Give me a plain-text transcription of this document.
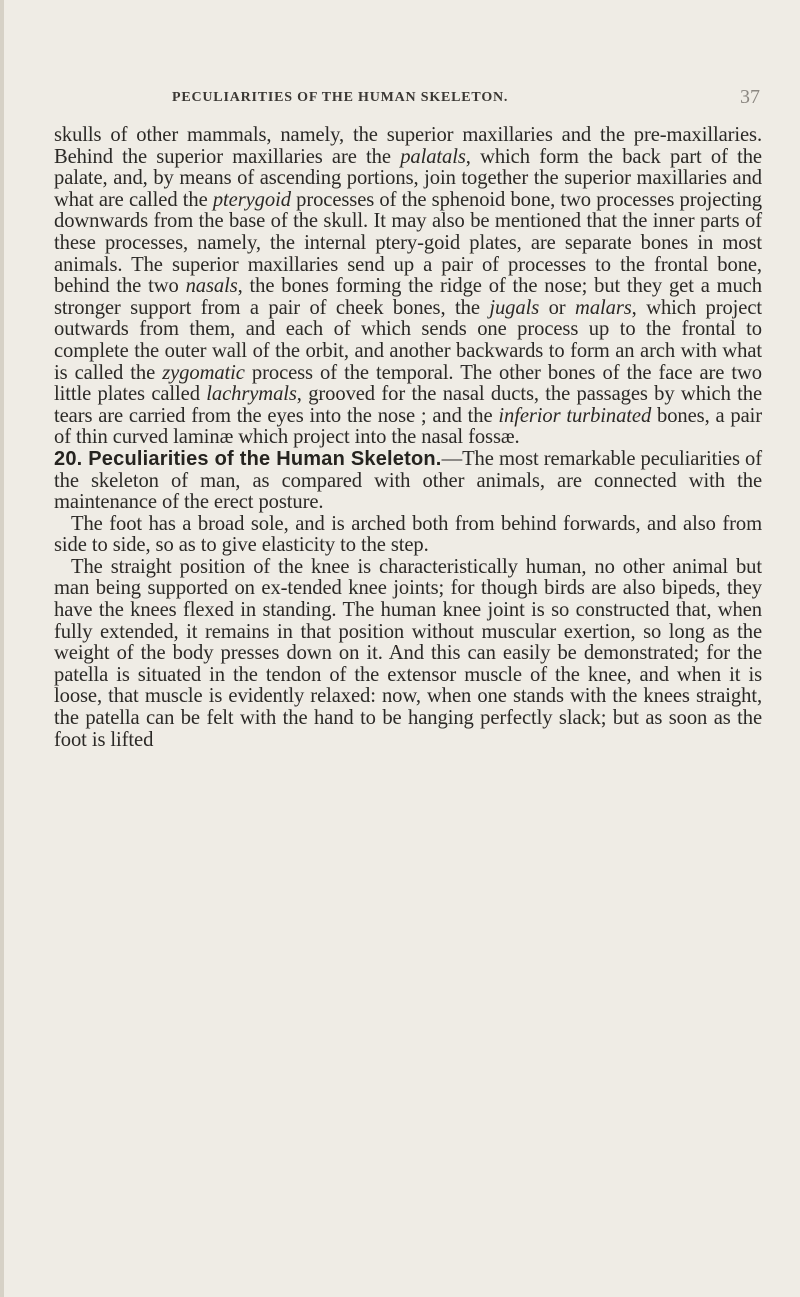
PECULIARITIES OF THE HUMAN SKELETON.	37

skulls of other mammals, namely, the superior maxillaries and the pre-maxillaries. Behind the superior maxillaries are the palatals, which form the back part of the palate, and, by means of ascending portions, join together the superior maxillaries and what are called the pterygoid processes of the sphenoid bone, two processes projecting downwards from the base of the skull. It may also be mentioned that the inner parts of these processes, namely, the internal ptery-goid plates, are separate bones in most animals. The superior maxillaries send up a pair of processes to the frontal bone, behind the two nasals, the bones forming the ridge of the nose; but they get a much stronger support from a pair of cheek bones, the jugals or malars, which project outwards from them, and each of which sends one process up to the frontal to complete the outer wall of the orbit, and another backwards to form an arch with what is called the zygomatic process of the temporal. The other bones of the face are two little plates called lachrymals, grooved for the nasal ducts, the passages by which the tears are carried from the eyes into the nose ; and the inferior turbinated bones, a pair of thin curved laminæ which project into the nasal fossæ.

20. Peculiarities of the Human Skeleton.—The most remarkable peculiarities of the skeleton of man, as compared with other animals, are connected with the maintenance of the erect posture.

The foot has a broad sole, and is arched both from behind forwards, and also from side to side, so as to give elasticity to the step.

The straight position of the knee is characteristically human, no other animal but man being supported on ex-tended knee joints; for though birds are also bipeds, they have the knees flexed in standing. The human knee joint is so constructed that, when fully extended, it remains in that position without muscular exertion, so long as the weight of the body presses down on it. And this can easily be demonstrated; for the patella is situated in the tendon of the extensor muscle of the knee, and when it is loose, that muscle is evidently relaxed: now, when one stands with the knees straight, the patella can be felt with the hand to be hanging perfectly slack; but as soon as the foot is lifted
